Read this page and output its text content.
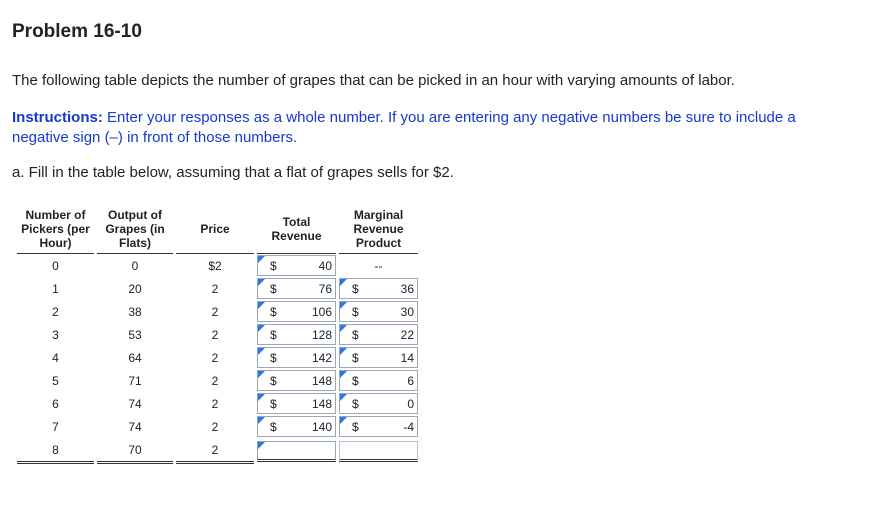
Problem 16-10
The following table depicts the number of grapes that can be picked in an hour with varying amounts of labor.
Instructions: Enter your responses as a whole number. If you are entering any negative numbers be sure to include a negative sign (–) in front of those numbers.
a. Fill in the table below, assuming that a flat of grapes sells for $2.
Number of Pickers (per Hour)	Output of Grapes (in Flats)	Price	Total Revenue	Marginal Revenue Product
0	0	$2	$ 40	--
1	20	2	$ 76	$ 36

2	38	2	$ 106	$ 30

3	53	2	$ 128	$ 22

4	64	2	$ 142	$ 14

5	71	2	$ 148	$ 6

6	74	2	$ 148	$ 0

7	74	2	$ 140	$ -4

8	70	2	
